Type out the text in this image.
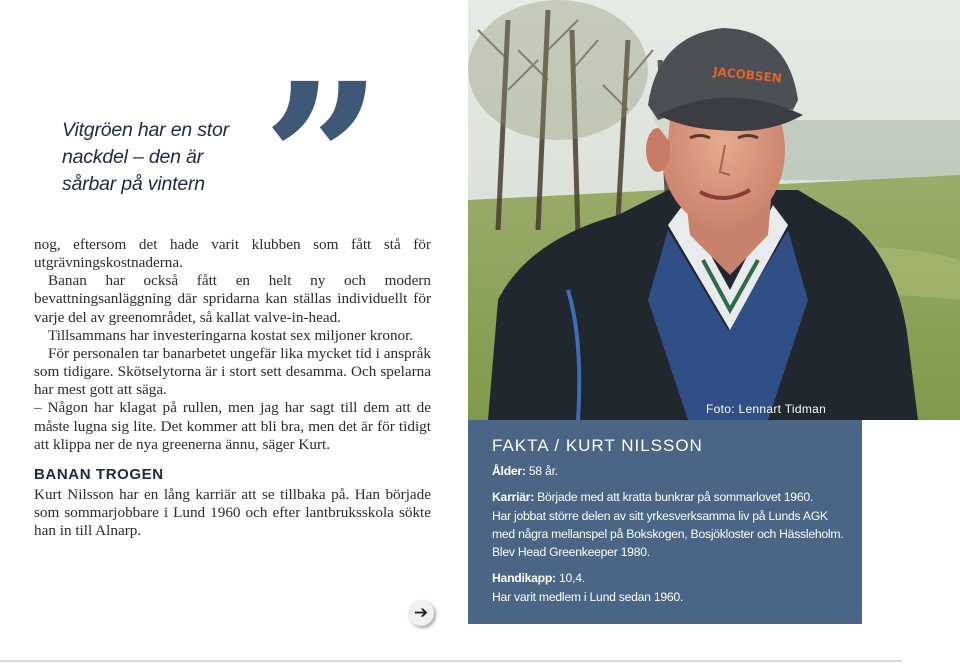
Vitgröen har en stor
nackdel – den är
sårbar på vintern ”

nog, eftersom det hade varit klubben som fått stå för utgrävningskostnaderna.

Banan har också fått en helt ny och modern bevattningsanläggning där spridarna kan ställas individuellt för varje del av greenområdet, så kallat valve-in-head.

Tillsammans har investeringarna kostat sex miljoner kronor.

För personalen tar banarbetet ungefär lika mycket tid i anspråk som tidigare. Skötselytorna är i stort sett desamma. Och spelarna har mest gott att säga.

– Någon har klagat på rullen, men jag har sagt till dem att de måste lugna sig lite. Det kommer att bli bra, men det är för tidigt att klippa ner de nya greenerna ännu, säger Kurt.

BANAN TROGEN

Kurt Nilsson har en lång karriär att se tillbaka på. Han började som sommarjobbare i Lund 1960 och efter lantbruksskola sökte han in till Alnarp.

➔
JACOBSEN
Foto: Lennart Tidman
FAKTA / KURT NILSSON
Ålder: 58 år.
Karriär: Började med att kratta bunkrar på sommarlovet 1960.
Har jobbat större delen av sitt yrkesverksamma liv på Lunds AGK med några mellanspel på Bokskogen, Bosjökloster och Hässleholm.
Blev Head Greenkeeper 1980.
Handikapp: 10,4.
Har varit medlem i Lund sedan 1960.
